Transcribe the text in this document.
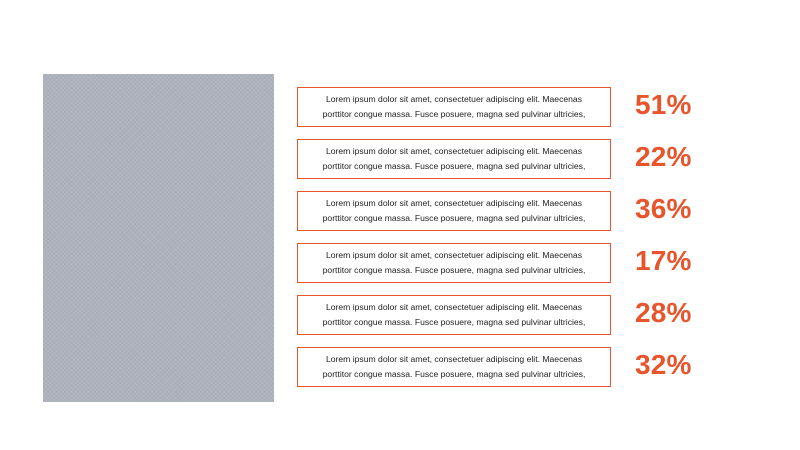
Lorem ipsum dolor sit amet, consectetuer adipiscing elit. Maecenas porttitor congue massa. Fusce posuere, magna sed pulvinar ultricies,	51%
Lorem ipsum dolor sit amet, consectetuer adipiscing elit. Maecenas porttitor congue massa. Fusce posuere, magna sed pulvinar ultricies,	22%
Lorem ipsum dolor sit amet, consectetuer adipiscing elit. Maecenas porttitor congue massa. Fusce posuere, magna sed pulvinar ultricies,	36%
Lorem ipsum dolor sit amet, consectetuer adipiscing elit. Maecenas porttitor congue massa. Fusce posuere, magna sed pulvinar ultricies,	17%
Lorem ipsum dolor sit amet, consectetuer adipiscing elit. Maecenas porttitor congue massa. Fusce posuere, magna sed pulvinar ultricies,	28%
Lorem ipsum dolor sit amet, consectetuer adipiscing elit. Maecenas porttitor congue massa. Fusce posuere, magna sed pulvinar ultricies,	32%
